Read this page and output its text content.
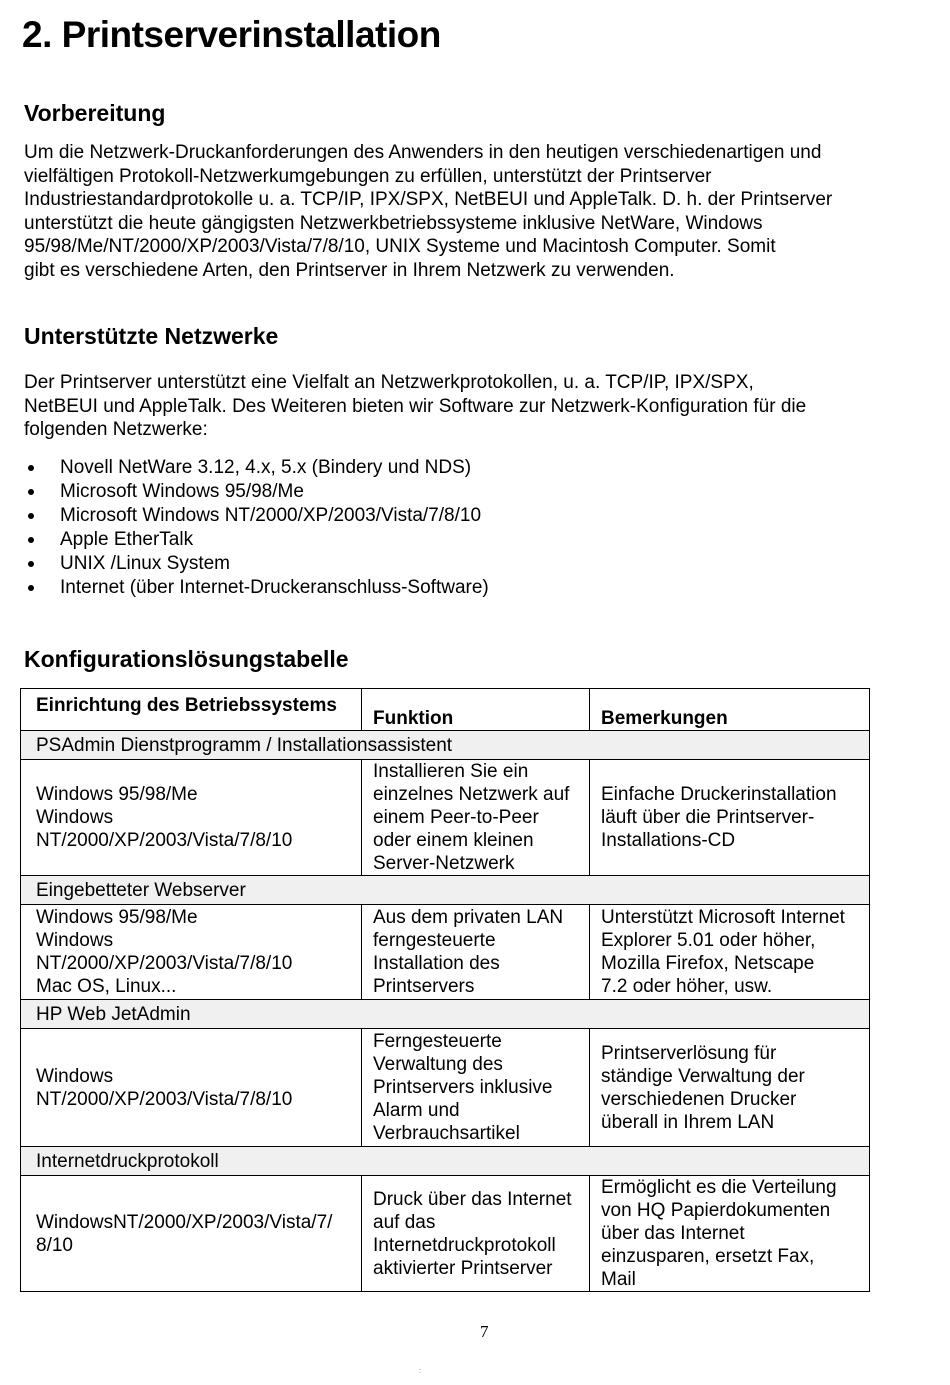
2. Printserverinstallation
Vorbereitung

Um die Netzwerk-Druckanforderungen des Anwenders in den heutigen verschiedenartigen und
vielfältigen Protokoll-Netzwerkumgebungen zu erfüllen, unterstützt der Printserver
Industriestandardprotokolle u. a. TCP/IP, IPX/SPX, NetBEUI und AppleTalk. D. h. der Printserver
unterstützt die heute gängigsten Netzwerkbetriebssysteme inklusive NetWare, Windows
95/98/Me/NT/2000/XP/2003/Vista/7/8/10, UNIX Systeme und Macintosh Computer. Somit
gibt es verschiedene Arten, den Printserver in Ihrem Netzwerk zu verwenden.

Unterstützte Netzwerke

Der Printserver unterstützt eine Vielfalt an Netzwerkprotokollen, u. a. TCP/IP, IPX/SPX,
NetBEUI und AppleTalk. Des Weiteren bieten wir Software zur Netzwerk-Konfiguration für die
folgenden Netzwerke:

Novell NetWare 3.12, 4.x, 5.x (Bindery und NDS)
Microsoft Windows 95/98/Me
Microsoft Windows NT/2000/XP/2003/Vista/7/8/10
Apple EtherTalk
UNIX /Linux System
Internet (über Internet-Druckeranschluss-Software)
Konfigurationslösungstabelle
Einrichtung des Betriebssystems	Funktion	Bemerkungen
PSAdmin Dienstprogramm / Installationsassistent		

Windows 95/98/Me
Windows
NT/2000/XP/2003/Vista/7/8/10	Installieren Sie ein
einzelnes Netzwerk auf
einem Peer-to-Peer
oder einem kleinen
Server-Netzwerk	Einfache Druckerinstallation
läuft über die Printserver-
Installations-CD

Eingebetteter Webserver		

Windows 95/98/Me
Windows
NT/2000/XP/2003/Vista/7/8/10
Mac OS, Linux...	Aus dem privaten LAN
ferngesteuerte
Installation des
Printservers	Unterstützt Microsoft Internet
Explorer 5.01 oder höher,
Mozilla Firefox, Netscape
7.2 oder höher, usw.

HP Web JetAdmin		

Windows
NT/2000/XP/2003/Vista/7/8/10	Ferngesteuerte
Verwaltung des
Printservers inklusive
Alarm und
Verbrauchsartikel	Printserverlösung für
ständige Verwaltung der
verschiedenen Drucker
überall in Ihrem LAN

Internetdruckprotokoll		

WindowsNT/2000/XP/2003/Vista/7/
8/10	Druck über das Internet
auf das
Internetdruckprotokoll
aktivierter Printserver	Ermöglicht es die Verteilung
von HQ Papierdokumenten
über das Internet
einzusparen, ersetzt Fax,
Mail
7
:
